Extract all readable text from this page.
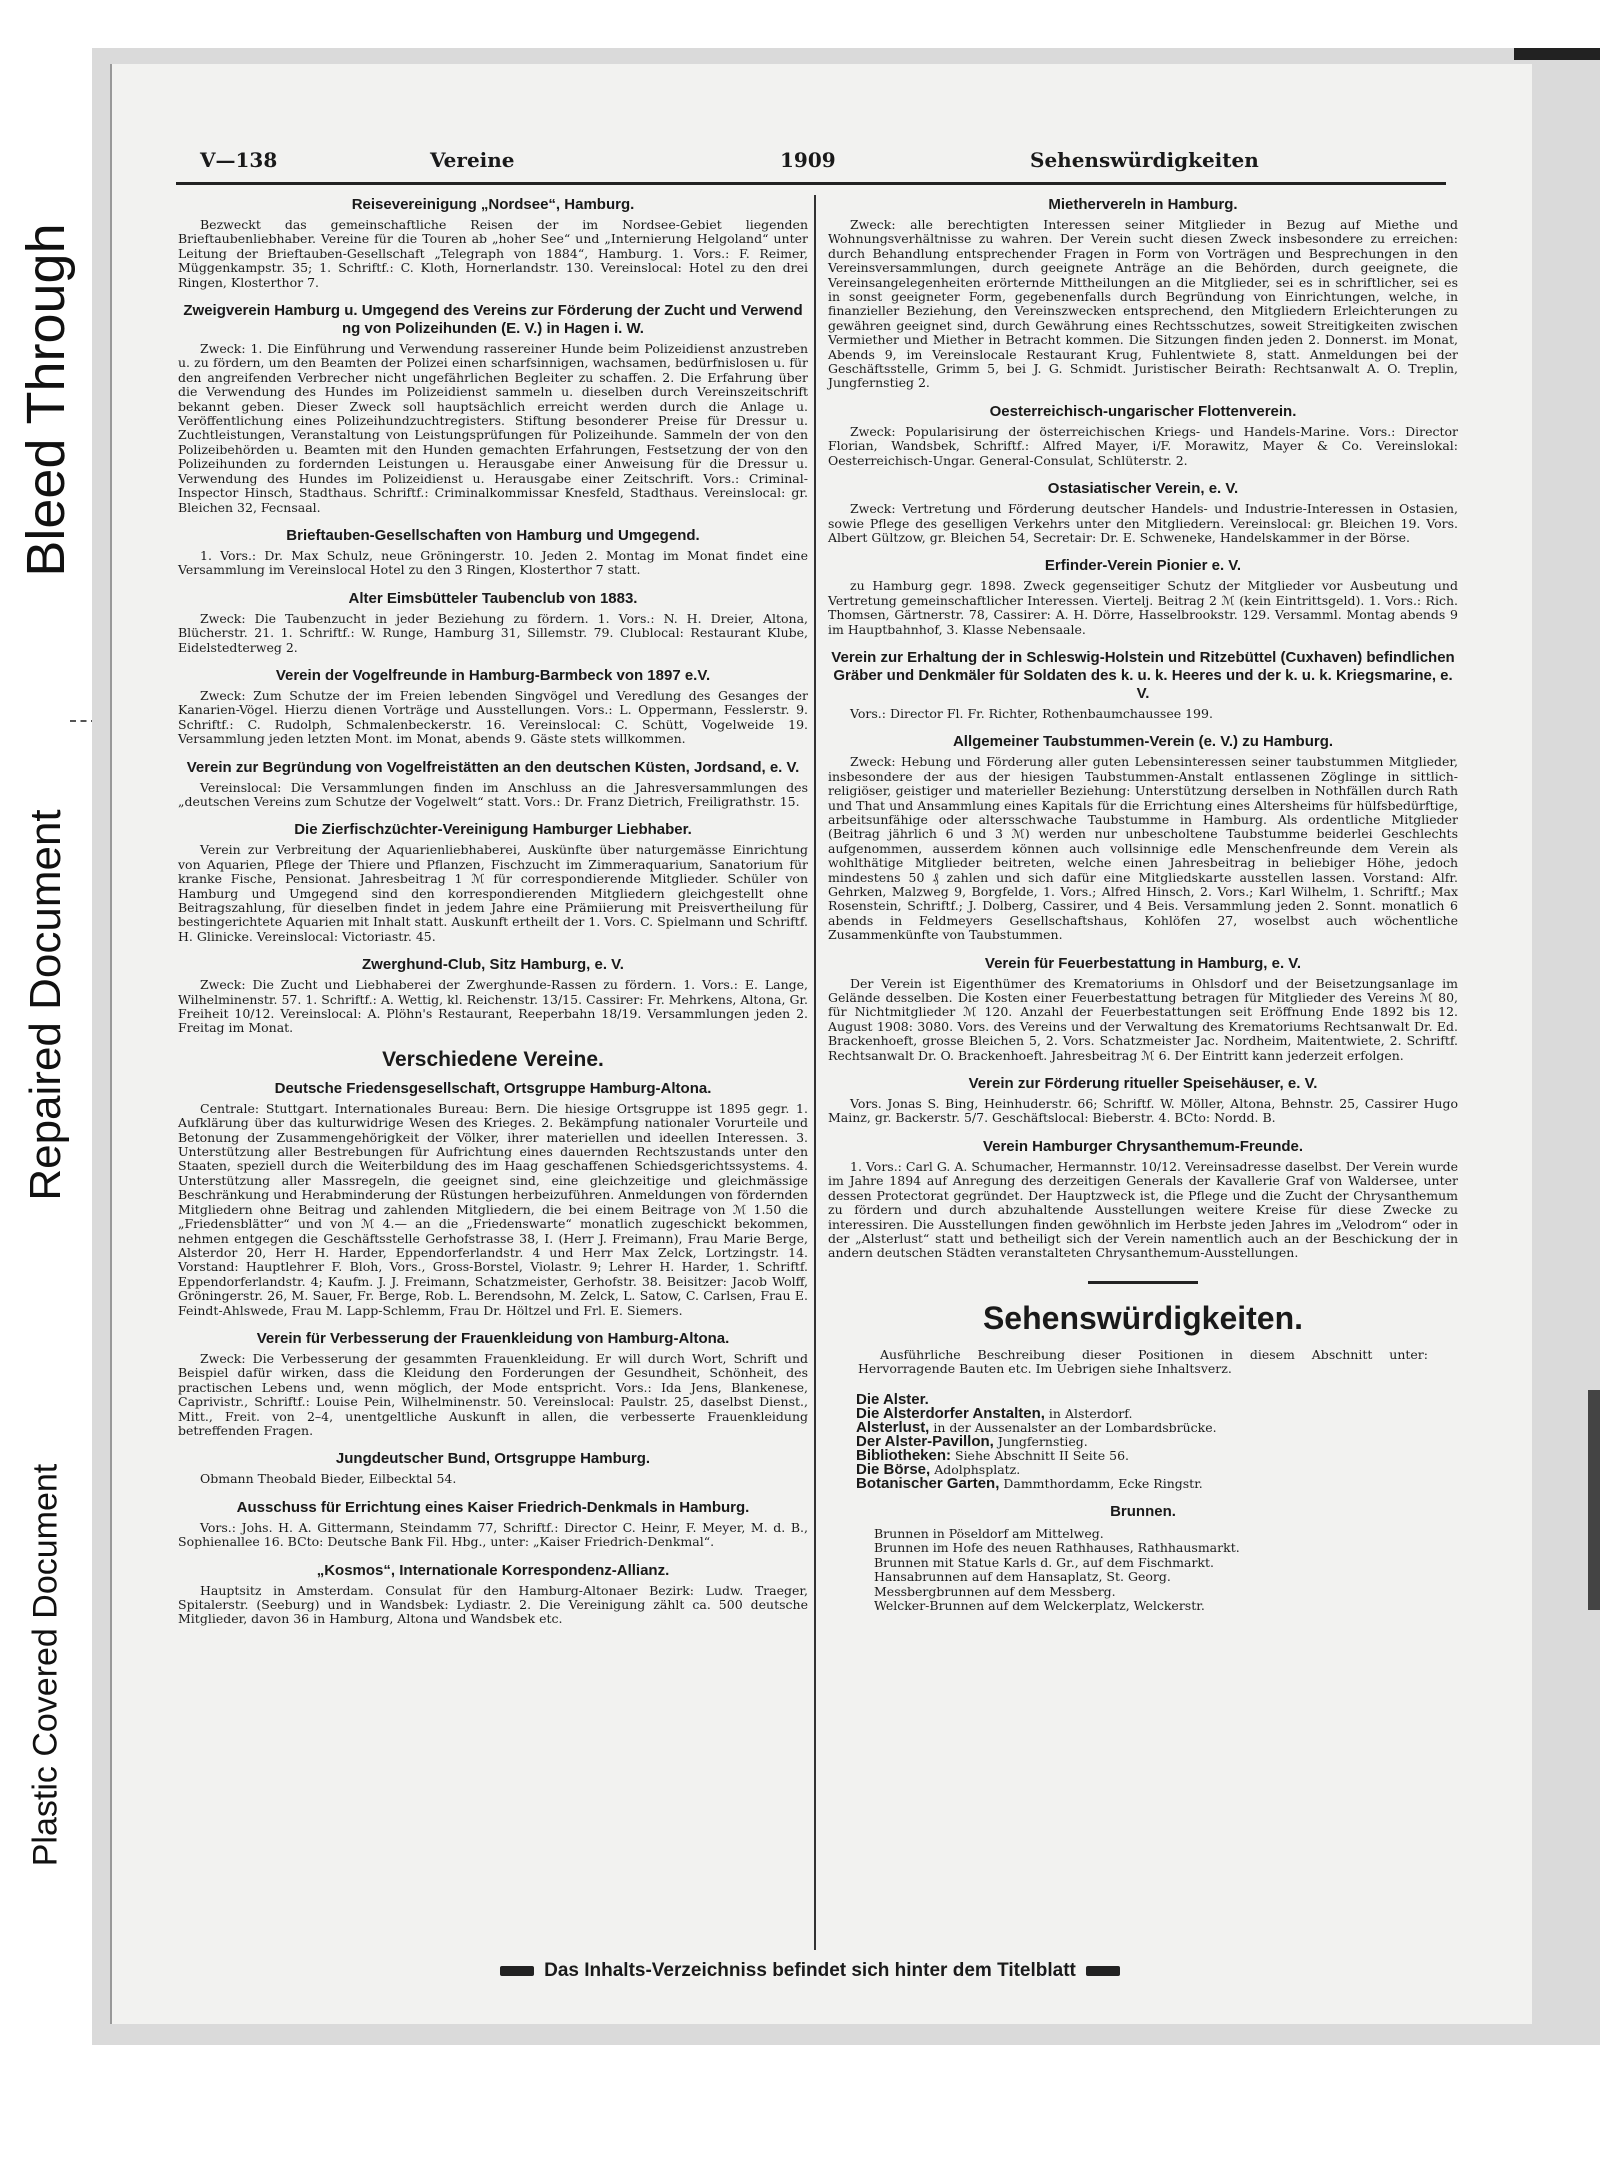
Bleed Through
Repaired Document
Plastic Covered Document
V—138	Vereine	1909	Sehenswürdigkeiten
Reisevereinigung „Nordsee“, Hamburg.

Bezweckt das gemeinschaftliche Reisen der im Nordsee-Gebiet liegenden Brieftaubenliebhaber. Vereine für die Touren ab „hoher See“ und „Internierung Helgoland“ unter Leitung der Brieftauben-Gesellschaft „Telegraph von 1884“, Hamburg. 1. Vors.: F. Reimer, Müggenkampstr. 35; 1. Schriftf.: C. Kloth, Hornerlandstr. 130. Vereinslocal: Hotel zu den drei Ringen, Klosterthor 7.

Zweigverein Hamburg u. Umgegend des Vereins zur Förderung der Zucht und Verwend ng von Polizeihunden (E. V.) in Hagen i. W.

Zweck: 1. Die Einführung und Verwendung rassereiner Hunde beim Polizeidienst anzustreben u. zu fördern, um den Beamten der Polizei einen scharfsinnigen, wachsamen, bedürfnislosen u. für den angreifenden Verbrecher nicht ungefährlichen Begleiter zu schaffen. 2. Die Erfahrung über die Verwendung des Hundes im Polizeidienst sammeln u. dieselben durch Vereinszeitschrift bekannt geben. Dieser Zweck soll hauptsächlich erreicht werden durch die Anlage u. Veröffentlichung eines Polizeihundzuchtregisters. Stiftung besonderer Preise für Dressur u. Zuchtleistungen, Veranstaltung von Leistungsprüfungen für Polizeihunde. Sammeln der von den Polizeibehörden u. Beamten mit den Hunden gemachten Erfahrungen, Festsetzung der von den Polizeihunden zu fordernden Leistungen u. Herausgabe einer Anweisung für die Dressur u. Verwendung des Hundes im Polizeidienst u. Herausgabe einer Zeitschrift. Vors.: Criminal-Inspector Hinsch, Stadthaus. Schriftf.: Criminalkommissar Knesfeld, Stadthaus. Vereinslocal: gr. Bleichen 32, Fecnsaal.

Brieftauben-Gesellschaften von Hamburg und Umgegend.

1. Vors.: Dr. Max Schulz, neue Gröningerstr. 10. Jeden 2. Montag im Monat findet eine Versammlung im Vereinslocal Hotel zu den 3 Ringen, Klosterthor 7 statt.

Alter Eimsbütteler Taubenclub von 1883.

Zweck: Die Taubenzucht in jeder Beziehung zu fördern. 1. Vors.: N. H. Dreier, Altona, Blücherstr. 21. 1. Schriftf.: W. Runge, Hamburg 31, Sillemstr. 79. Clublocal: Restaurant Klube, Eidelstedterweg 2.

Verein der Vogelfreunde in Hamburg-Barmbeck von 1897 e.V.

Zweck: Zum Schutze der im Freien lebenden Singvögel und Veredlung des Gesanges der Kanarien-Vögel. Hierzu dienen Vorträge und Ausstellungen. Vors.: L. Oppermann, Fesslerstr. 9. Schriftf.: C. Rudolph, Schmalenbeckerstr. 16. Vereinslocal: C. Schütt, Vogelweide 19. Versammlung jeden letzten Mont. im Monat, abends 9. Gäste stets willkommen.

Verein zur Begründung von Vogelfreistätten an den deutschen Küsten, Jordsand, e. V.

Vereinslocal: Die Versammlungen finden im Anschluss an die Jahresversammlungen des „deutschen Vereins zum Schutze der Vogelwelt“ statt. Vors.: Dr. Franz Dietrich, Freiligrathstr. 15.

Die Zierfischzüchter-Vereinigung Hamburger Liebhaber.

Verein zur Verbreitung der Aquarienliebhaberei, Auskünfte über naturgemässe Einrichtung von Aquarien, Pflege der Thiere und Pflanzen, Fischzucht im Zimmeraquarium, Sanatorium für kranke Fische, Pensionat. Jahresbeitrag 1 ℳ für correspondierende Mitglieder. Schüler von Hamburg und Umgegend sind den korrespondierenden Mitgliedern gleichgestellt ohne Beitragszahlung, für dieselben findet in jedem Jahre eine Prämiierung mit Preisvertheilung für bestingerichtete Aquarien mit Inhalt statt. Auskunft ertheilt der 1. Vors. C. Spielmann und Schriftf. H. Glinicke. Vereinslocal: Victoriastr. 45.

Zwerghund-Club, Sitz Hamburg, e. V.

Zweck: Die Zucht und Liebhaberei der Zwerghunde-Rassen zu fördern. 1. Vors.: E. Lange, Wilhelminenstr. 57. 1. Schriftf.: A. Wettig, kl. Reichenstr. 13/15. Cassirer: Fr. Mehrkens, Altona, Gr. Freiheit 10/12. Vereinslocal: A. Plöhn's Restaurant, Reeperbahn 18/19. Versammlungen jeden 2. Freitag im Monat.

Verschiedene Vereine.
Deutsche Friedensgesellschaft, Ortsgruppe Hamburg-Altona.

Centrale: Stuttgart. Internationales Bureau: Bern. Die hiesige Ortsgruppe ist 1895 gegr. 1. Aufklärung über das kulturwidrige Wesen des Krieges. 2. Bekämpfung nationaler Vorurteile und Betonung der Zusammengehörigkeit der Völker, ihrer materiellen und ideellen Interessen. 3. Unterstützung aller Bestrebungen für Aufrichtung eines dauernden Rechtszustands unter den Staaten, speziell durch die Weiterbildung des im Haag geschaffenen Schiedsgerichtssystems. 4. Unterstützung aller Massregeln, die geeignet sind, eine gleichzeitige und gleichmässige Beschränkung und Herabminderung der Rüstungen herbeizuführen. Anmeldungen von fördernden Mitgliedern ohne Beitrag und zahlenden Mitgliedern, die bei einem Beitrage von ℳ 1.50 die „Friedensblätter“ und von ℳ 4.— an die „Friedenswarte“ monatlich zugeschickt bekommen, nehmen entgegen die Geschäftsstelle Gerhofstrasse 38, I. (Herr J. Freimann), Frau Marie Berge, Alsterdor 20, Herr H. Harder, Eppendorferlandstr. 4 und Herr Max Zelck, Lortzingstr. 14. Vorstand: Hauptlehrer F. Bloh, Vors., Gross-Borstel, Violastr. 9; Lehrer H. Harder, 1. Schriftf. Eppendorferlandstr. 4; Kaufm. J. J. Freimann, Schatzmeister, Gerhofstr. 38. Beisitzer: Jacob Wolff, Gröningerstr. 26, M. Sauer, Fr. Berge, Rob. L. Berendsohn, M. Zelck, L. Satow, C. Carlsen, Frau E. Feindt-Ahlswede, Frau M. Lapp-Schlemm, Frau Dr. Höltzel und Frl. E. Siemers.

Verein für Verbesserung der Frauenkleidung von Hamburg-Altona.

Zweck: Die Verbesserung der gesammten Frauenkleidung. Er will durch Wort, Schrift und Beispiel dafür wirken, dass die Kleidung den Forderungen der Gesundheit, Schönheit, des practischen Lebens und, wenn möglich, der Mode entspricht. Vors.: Ida Jens, Blankenese, Caprivistr., Schriftf.: Louise Pein, Wilhelminenstr. 50. Vereinslocal: Paulstr. 25, daselbst Dienst., Mitt., Freit. von 2–4, unentgeltliche Auskunft in allen, die verbesserte Frauenkleidung betreffenden Fragen.

Jungdeutscher Bund, Ortsgruppe Hamburg.

Obmann Theobald Bieder, Eilbecktal 54.

Ausschuss für Errichtung eines Kaiser Friedrich-Denkmals in Hamburg.

Vors.: Johs. H. A. Gittermann, Steindamm 77, Schriftf.: Director C. Heinr, F. Meyer, M. d. B., Sophienallee 16. BCto: Deutsche Bank Fil. Hbg., unter: „Kaiser Friedrich-Denkmal“.

„Kosmos“, Internationale Korrespondenz-Allianz.

Hauptsitz in Amsterdam. Consulat für den Hamburg-Altonaer Bezirk: Ludw. Traeger, Spitalerstr. (Seeburg) und in Wandsbek: Lydiastr. 2. Die Vereinigung zählt ca. 500 deutsche Mitglieder, davon 36 in Hamburg, Altona und Wandsbek etc.

Miethervereln in Hamburg.

Zweck: alle berechtigten Interessen seiner Mitglieder in Bezug auf Miethe und Wohnungsverhältnisse zu wahren. Der Verein sucht diesen Zweck insbesondere zu erreichen: durch Behandlung entsprechender Fragen in Form von Vorträgen und Besprechungen in den Vereinsversammlungen, durch geeignete Anträge an die Behörden, durch geeignete, die Vereinsangelegenheiten erörternde Mittheilungen an die Mitglieder, sei es in schriftlicher, sei es in sonst geeigneter Form, gegebenenfalls durch Begründung von Einrichtungen, welche, in finanzieller Beziehung, den Vereinszwecken entsprechend, den Mitgliedern Erleichterungen zu gewähren geeignet sind, durch Gewährung eines Rechtsschutzes, soweit Streitigkeiten zwischen Vermiether und Miether in Betracht kommen. Die Sitzungen finden jeden 2. Donnerst. im Monat, Abends 9, im Vereinslocale Restaurant Krug, Fuhlentwiete 8, statt. Anmeldungen bei der Geschäftsstelle, Grimm 5, bei J. G. Schmidt. Juristischer Beirath: Rechtsanwalt A. O. Treplin, Jungfernstieg 2.

Oesterreichisch-ungarischer Flottenverein.

Zweck: Popularisirung der österreichischen Kriegs- und Handels-Marine. Vors.: Director Florian, Wandsbek, Schriftf.: Alfred Mayer, i/F. Morawitz, Mayer & Co. Vereinslokal: Oesterreichisch-Ungar. General-Consulat, Schlüterstr. 2.

Ostasiatischer Verein, e. V.

Zweck: Vertretung und Förderung deutscher Handels- und Industrie-Interessen in Ostasien, sowie Pflege des geselligen Verkehrs unter den Mitgliedern. Vereinslocal: gr. Bleichen 19. Vors. Albert Gültzow, gr. Bleichen 54, Secretair: Dr. E. Schweneke, Handelskammer in der Börse.

Erfinder-Verein Pionier e. V.

zu Hamburg gegr. 1898. Zweck gegenseitiger Schutz der Mitglieder vor Ausbeutung und Vertretung gemeinschaftlicher Interessen. Viertelj. Beitrag 2 ℳ (kein Eintrittsgeld). 1. Vors.: Rich. Thomsen, Gärtnerstr. 78, Cassirer: A. H. Dörre, Hasselbrookstr. 129. Versamml. Montag abends 9 im Hauptbahnhof, 3. Klasse Nebensaale.

Verein zur Erhaltung der in Schleswig-Holstein und Ritzebüttel (Cuxhaven) befindlichen Gräber und Denkmäler für Soldaten des k. u. k. Heeres und der k. u. k. Kriegsmarine, e. V.

Vors.: Director Fl. Fr. Richter, Rothenbaumchaussee 199.

Allgemeiner Taubstummen-Verein (e. V.) zu Hamburg.

Zweck: Hebung und Förderung aller guten Lebensinteressen seiner taubstummen Mitglieder, insbesondere der aus der hiesigen Taubstummen-Anstalt entlassenen Zöglinge in sittlich-religiöser, geistiger und materieller Beziehung: Unterstützung derselben in Nothfällen durch Rath und That und Ansammlung eines Kapitals für die Errichtung eines Altersheims für hülfsbedürftige, arbeitsunfähige oder altersschwache Taubstumme in Hamburg. Als ordentliche Mitglieder (Beitrag jährlich 6 und 3 ℳ) werden nur unbescholtene Taubstumme beiderlei Geschlechts aufgenommen, ausserdem können auch vollsinnige edle Menschenfreunde dem Verein als wohlthätige Mitglieder beitreten, welche einen Jahresbeitrag in beliebiger Höhe, jedoch mindestens 50 ₰ zahlen und sich dafür eine Mitgliedskarte ausstellen lassen. Vorstand: Alfr. Gehrken, Malzweg 9, Borgfelde, 1. Vors.; Alfred Hinsch, 2. Vors.; Karl Wilhelm, 1. Schriftf.; Max Rosenstein, Schriftf.; J. Dolberg, Cassirer, und 4 Beis. Versammlung jeden 2. Sonnt. monatlich 6 abends in Feldmeyers Gesellschaftshaus, Kohlöfen 27, woselbst auch wöchentliche Zusammenkünfte von Taubstummen.

Verein für Feuerbestattung in Hamburg, e. V.

Der Verein ist Eigenthümer des Krematoriums in Ohlsdorf und der Beisetzungsanlage im Gelände desselben. Die Kosten einer Feuerbestattung betragen für Mitglieder des Vereins ℳ 80, für Nichtmitglieder ℳ 120. Anzahl der Feuerbestattungen seit Eröffnung Ende 1892 bis 12. August 1908: 3080. Vors. des Vereins und der Verwaltung des Krematoriums Rechtsanwalt Dr. Ed. Brackenhoeft, grosse Bleichen 5, 2. Vors. Schatzmeister Jac. Nordheim, Maitentwiete, 2. Schriftf. Rechtsanwalt Dr. O. Brackenhoeft. Jahresbeitrag ℳ 6. Der Eintritt kann jederzeit erfolgen.

Verein zur Förderung ritueller Speisehäuser, e. V.

Vors. Jonas S. Bing, Heinhuderstr. 66; Schriftf. W. Möller, Altona, Behnstr. 25, Cassirer Hugo Mainz, gr. Backerstr. 5/7. Geschäftslocal: Bieberstr. 4. BCto: Nordd. B.

Verein Hamburger Chrysanthemum-Freunde.

1. Vors.: Carl G. A. Schumacher, Hermannstr. 10/12. Vereinsadresse daselbst. Der Verein wurde im Jahre 1894 auf Anregung des derzeitigen Generals der Kavallerie Graf von Waldersee, unter dessen Protectorat gegründet. Der Hauptzweck ist, die Pflege und die Zucht der Chrysanthemum zu fördern und durch abzuhaltende Ausstellungen weitere Kreise für diese Zwecke zu interessiren. Die Ausstellungen finden gewöhnlich im Herbste jeden Jahres im „Velodrom“ oder in der „Alsterlust“ statt und betheiligt sich der Verein namentlich auch an der Beschickung der in andern deutschen Städten veranstalteten Chrysanthemum-Ausstellungen.

Sehenswürdigkeiten.

Ausführliche Beschreibung dieser Positionen in diesem Abschnitt unter: Hervorragende Bauten etc. Im Uebrigen siehe Inhaltsverz.

Die Alster.
Die Alsterdorfer Anstalten, in Alsterdorf.
Alsterlust, in der Aussenalster an der Lombardsbrücke.
Der Alster-Pavillon, Jungfernstieg.
Bibliotheken: Siehe Abschnitt II Seite 56.
Die Börse, Adolphsplatz.
Botanischer Garten, Dammthordamm, Ecke Ringstr.
Brunnen.
Brunnen in Pöseldorf am Mittelweg.
Brunnen im Hofe des neuen Rathhauses, Rathhausmarkt.
Brunnen mit Statue Karls d. Gr., auf dem Fischmarkt.
Hansabrunnen auf dem Hansaplatz, St. Georg.
Messbergbrunnen auf dem Messberg.
Welcker-Brunnen auf dem Welckerplatz, Welckerstr.
Das Inhalts-Verzeichniss befindet sich hinter dem Titelblatt
